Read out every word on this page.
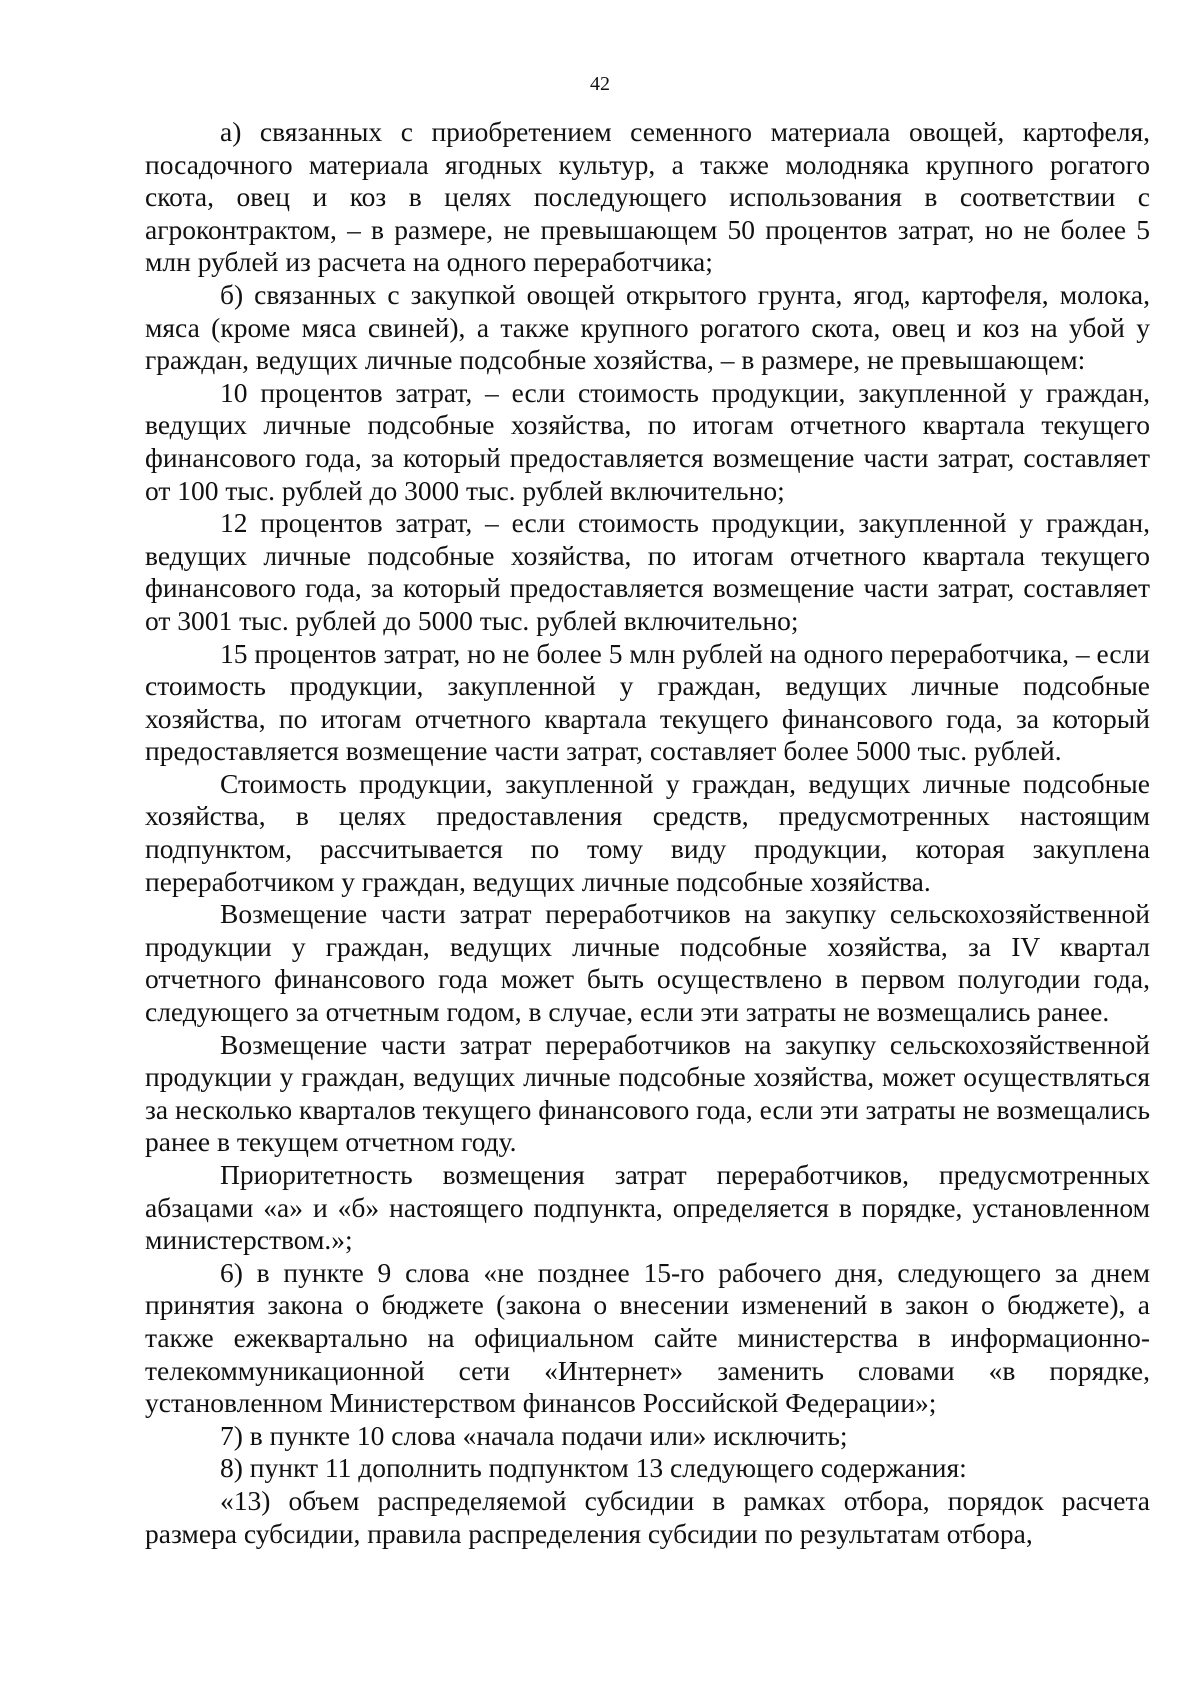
42

а) связанных с приобретением семенного материала овощей, картофеля, посадочного материала ягодных культур, а также молодняка крупного рогатого скота, овец и коз в целях последующего использования в соответствии с агроконтрактом, – в размере, не превышающем 50 процентов затрат, но не более 5 млн рублей из расчета на одного переработчика;

б) связанных с закупкой овощей открытого грунта, ягод, картофеля, молока, мяса (кроме мяса свиней), а также крупного рогатого скота, овец и коз на убой у граждан, ведущих личные подсобные хозяйства, – в размере, не превышающем:

10 процентов затрат, – если стоимость продукции, закупленной у граждан, ведущих личные подсобные хозяйства, по итогам отчетного квартала текущего финансового года, за который предоставляется возмещение части затрат, составляет от 100 тыс. рублей до 3000 тыс. рублей включительно;

12 процентов затрат, – если стоимость продукции, закупленной у граждан, ведущих личные подсобные хозяйства, по итогам отчетного квартала текущего финансового года, за который предоставляется возмещение части затрат, составляет от 3001 тыс. рублей до 5000 тыс. рублей включительно;

15 процентов затрат, но не более 5 млн рублей на одного переработчика, – если стоимость продукции, закупленной у граждан, ведущих личные подсобные хозяйства, по итогам отчетного квартала текущего финансового года, за который предоставляется возмещение части затрат, составляет более 5000 тыс. рублей.

Стоимость продукции, закупленной у граждан, ведущих личные подсобные хозяйства, в целях предоставления средств, предусмотренных настоящим подпунктом, рассчитывается по тому виду продукции, которая закуплена переработчиком у граждан, ведущих личные подсобные хозяйства.

Возмещение части затрат переработчиков на закупку сельскохозяйственной продукции у граждан, ведущих личные подсобные хозяйства, за IV квартал отчетного финансового года может быть осуществлено в первом полугодии года, следующего за отчетным годом, в случае, если эти затраты не возмещались ранее.

Возмещение части затрат переработчиков на закупку сельскохозяйственной продукции у граждан, ведущих личные подсобные хозяйства, может осуществляться за несколько кварталов текущего финансового года, если эти затраты не возмещались ранее в текущем отчетном году.

Приоритетность возмещения затрат переработчиков, предусмотренных абзацами «а» и «б» настоящего подпункта, определяется в порядке, установленном министерством.»;

6) в пункте 9 слова «не позднее 15-го рабочего дня, следующего за днем принятия закона о бюджете (закона о внесении изменений в закон о бюджете), а также ежеквартально на официальном сайте министерства в информационно-телекоммуникационной сети «Интернет» заменить словами «в порядке, установленном Министерством финансов Российской Федерации»;

7) в пункте 10 слова «начала подачи или» исключить;

8) пункт 11 дополнить подпунктом 13 следующего содержания:

«13) объем распределяемой субсидии в рамках отбора, порядок расчета размера субсидии, правила распределения субсидии по результатам отбора,
